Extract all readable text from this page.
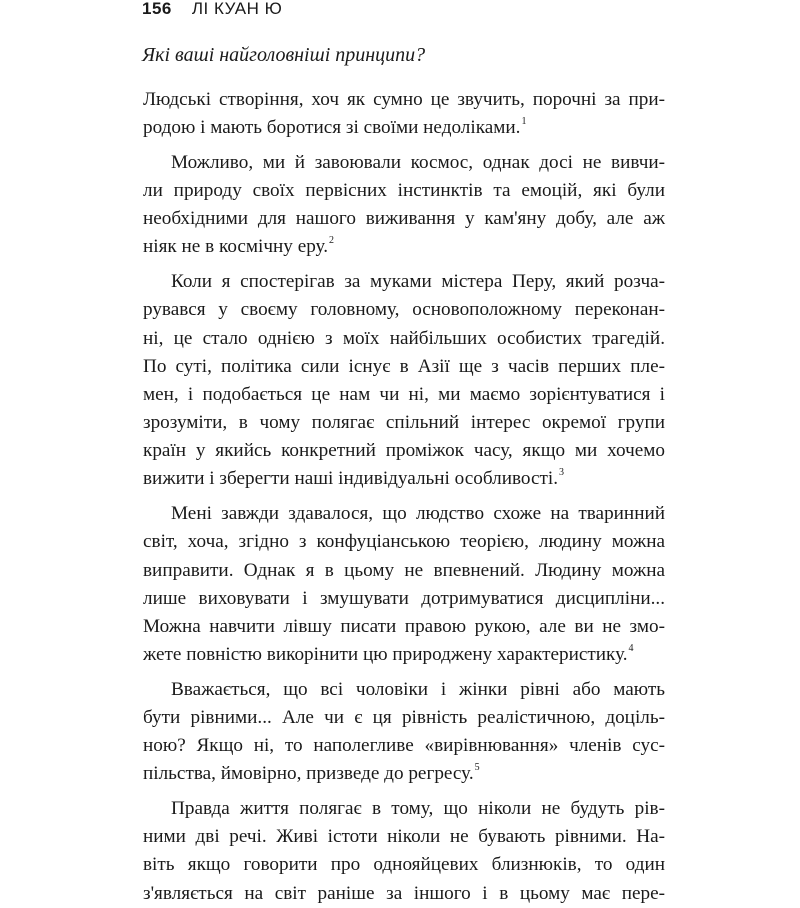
156 ЛІ КУАН Ю
Які ваші найголовніші принципи?
Людські створіння, хоч як сумно це звучить, порочні за при-
родою і мають боротися зі своїми недоліками.$^1$
Можливо, ми й завоювали космос, однак досі не вивчи-
ли природу своїх первісних інстинктів та емоцій, які були
необхідними для нашого виживання у кам'яну добу, але аж
ніяк не в космічну еру.$^2$
Коли я спостерігав за муками містера Перу, який розча-
рувався у своєму головному, основоположному переконан-
ні, це стало однією з моїх найбільших особистих трагедій.
По суті, політика сили існує в Азії ще з часів перших пле-
мен, і подобається це нам чи ні, ми маємо зорієнтуватися і
зрозуміти, в чому полягає спільний інтерес окремої групи
країн у якийсь конкретний проміжок часу, якщо ми хочемо
вижити і зберегти наші індивідуальні особливості.$^3$
Мені завжди здавалося, що людство схоже на тваринний
світ, хоча, згідно з конфуціанською теорією, людину можна
виправити. Однак я в цьому не впевнений. Людину можна
лише виховувати і змушувати дотримуватися дисципліни...
Можна навчити лівшу писати правою рукою, але ви не змо-
жете повністю викорінити цю природжену характеристику.$^4$
Вважається, що всі чоловіки і жінки рівні або мають
бути рівними... Але чи є ця рівність реалістичною, доціль-
ною? Якщо ні, то наполегливе «вирівнювання» членів сус-
пільства, ймовірно, призведе до регресу.$^5$
Правда життя полягає в тому, що ніколи не будуть рів-
ними дві речі. Живі істоти ніколи не бувають рівними. На-
віть якщо говорити про однояйцевих близнюків, то один
з'являється на світ раніше за іншого і в цьому має пере-
